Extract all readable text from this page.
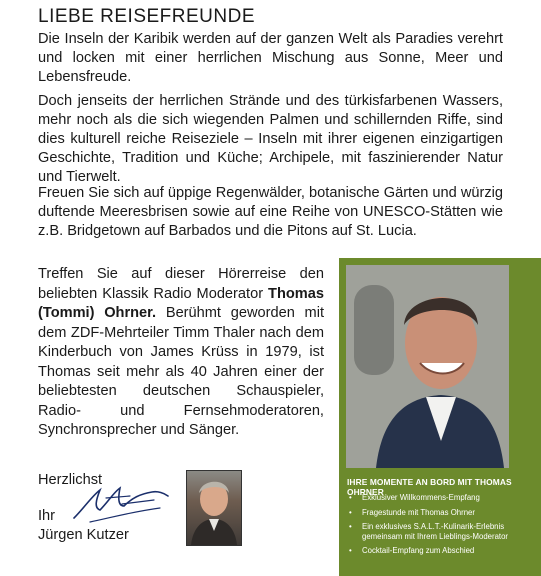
LIEBE REISEFREUNDE

Die Inseln der Karibik werden auf der ganzen Welt als Paradies verehrt und locken mit einer herrlichen Mischung aus Sonne, Meer und Lebensfreude.

Doch jenseits der herrlichen Strände und des türkisfarbenen Wassers, mehr noch als die sich wiegenden Palmen und schillernden Riffe, sind dies kulturell reiche Reiseziele – Inseln mit ihrer eigenen einzigartigen Geschichte, Tradition und Küche; Archipele, mit faszinierender Natur und Tierwelt.

Freuen Sie sich auf üppige Regenwälder, botanische Gärten und würzig duftende Meeresbrisen sowie auf eine Reihe von UNESCO-Stätten wie z.B. Bridgetown auf Barbados und die Pitons auf St. Lucia.

Treffen Sie auf dieser Hörerreise den beliebten Klassik Radio Moderator Thomas (Tommi) Ohrner. Berühmt geworden mit dem ZDF-Mehrteiler Timm Thaler nach dem Kinderbuch von James Krüss in 1979, ist Thomas seit mehr als 40 Jahren einer der beliebtesten deutschen Schauspieler, Radio- und Fernsehmoderatoren, Synchronsprecher und Sänger.

Herzlichst
Ihr
Jürgen Kutzer
IHRE MOMENTE AN BORD MIT THOMAS OHRNER
• Exklusiver Willkommens-Empfang
• Fragestunde mit Thomas Ohrner
• Ein exklusives S.A.L.T.-Kulinarik-Erlebnis gemeinsam mit Ihrem Lieblings-Moderator
• Cocktail-Empfang zum Abschied
